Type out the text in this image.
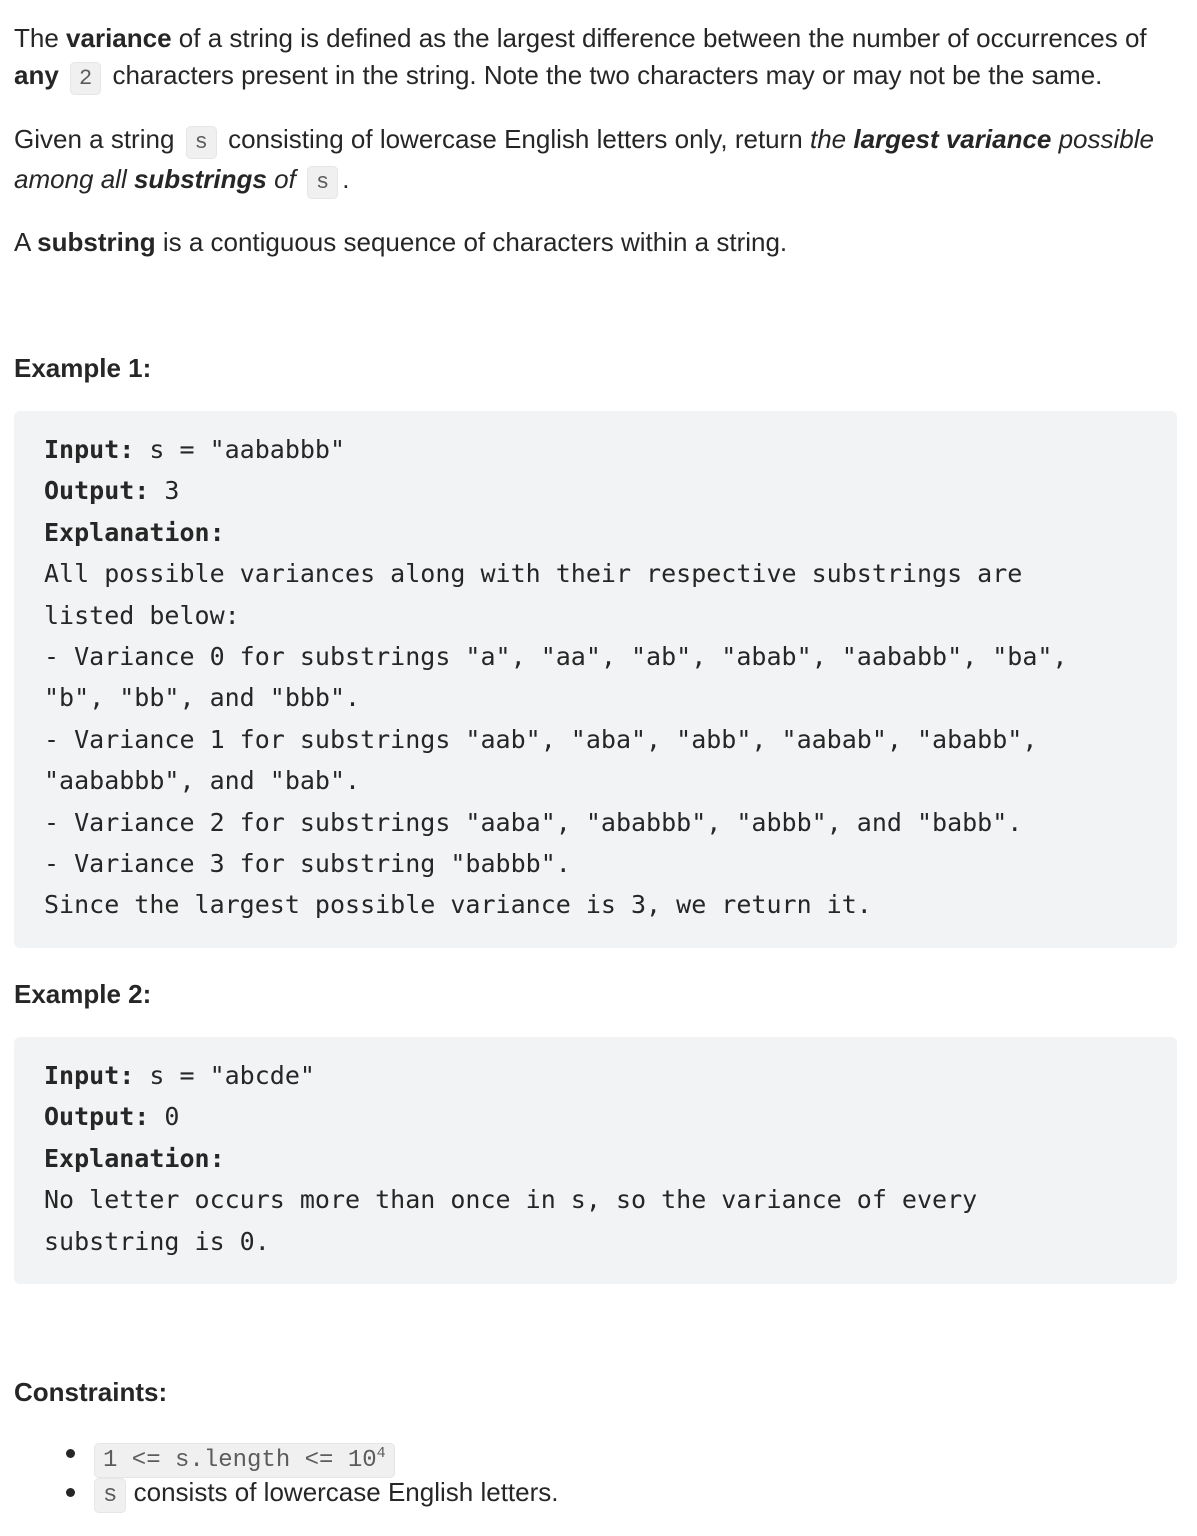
The variance of a string is defined as the largest difference between the number of occurrences of any 2 characters present in the string. Note the two characters may or may not be the same.

Given a string s consisting of lowercase English letters only, return the largest variance possible among all substrings of s .

A substring is a contiguous sequence of characters within a string.

Example 1:
Input: s = "aababbb"
Output: 3
Explanation:
All possible variances along with their respective substrings are
listed below:
- Variance 0 for substrings "a", "aa", "ab", "abab", "aababb", "ba",
"b", "bb", and "bbb".
- Variance 1 for substrings "aab", "aba", "abb", "aabab", "ababb",
"aababbb", and "bab".
- Variance 2 for substrings "aaba", "ababbb", "abbb", and "babb".
- Variance 3 for substring "babbb".
Since the largest possible variance is 3, we return it.
Example 2:
Input: s = "abcde"
Output: 0
Explanation:
No letter occurs more than once in s, so the variance of every
substring is 0.
Constraints:
1 <= s.length <= $10^4$
s consists of lowercase English letters.
